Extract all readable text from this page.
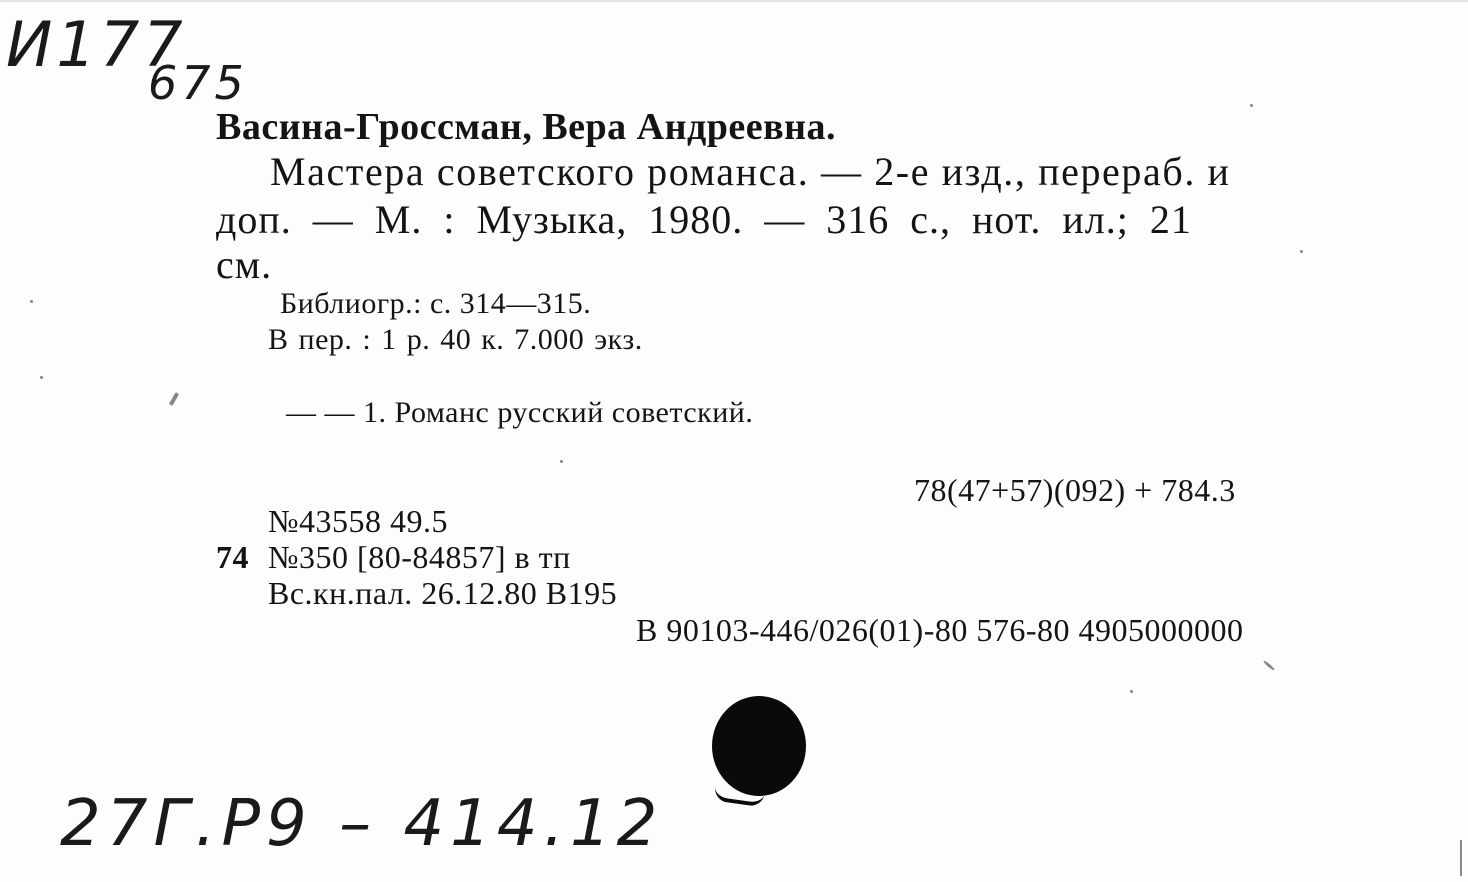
И177
675
Васина-Гроссман, Вера Андреевна.
Мастера советского романса. — 2-е изд., перераб. и
доп. — М. : Музыка, 1980. — 316 с., нот. ил.; 21
см.
Библиогр.: с. 314—315.
В пер. : 1 р. 40 к. 7.000 экз.
— — 1. Романс русский советский.
78(47+57)(092) + 784.3
№43558 49.5
74 №350 [80-84857] в тп
Вс.кн.пал. 26.12.80 В195
В 90103-446/026(01)-80 576-80 4905000000
27Г.Р9 – 414.12
